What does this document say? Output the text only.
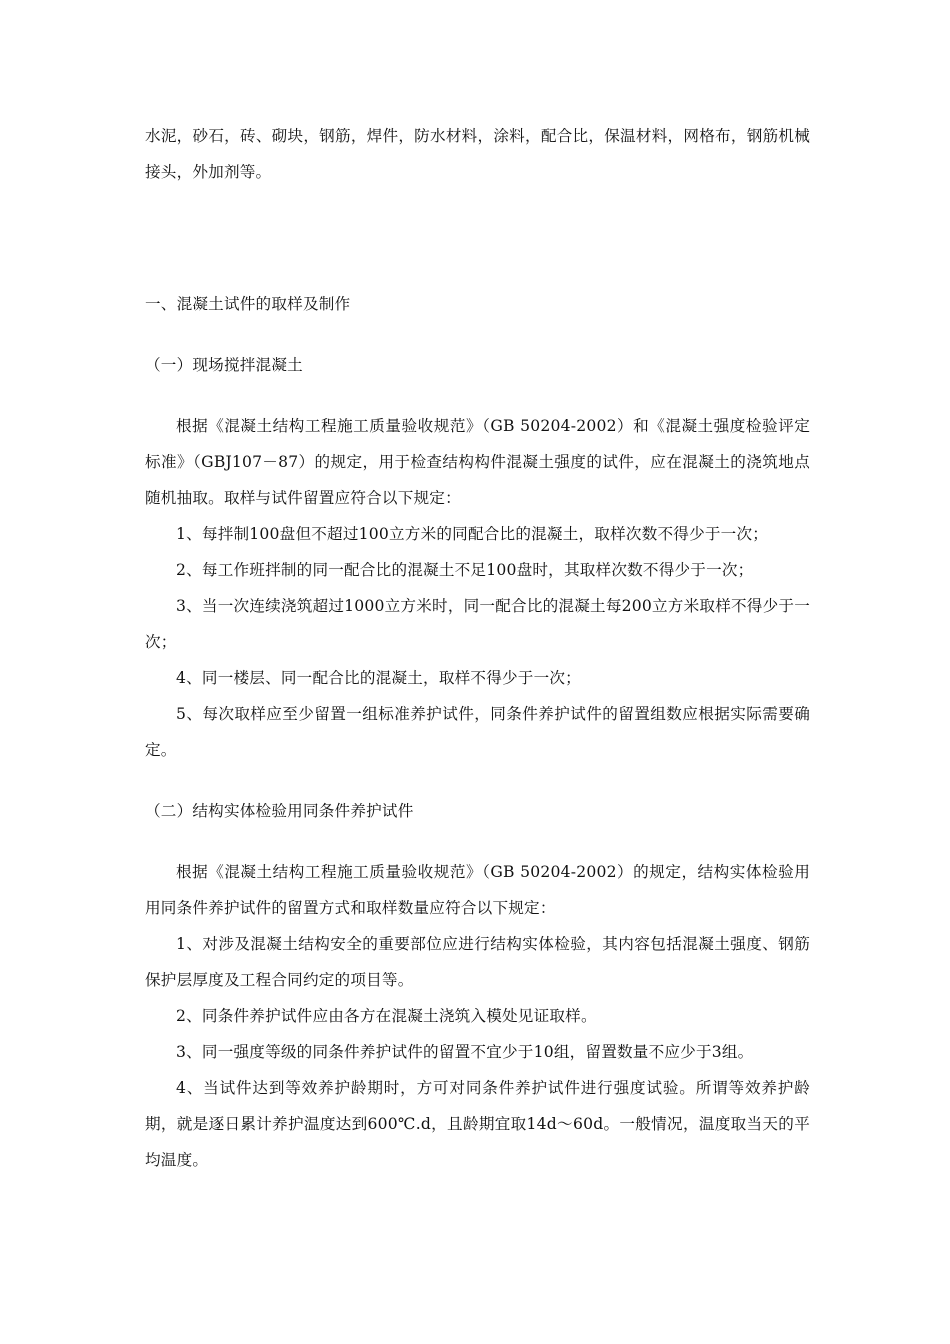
水泥，砂石，砖、砌块，钢筋，焊件，防水材料，涂料，配合比，保温材料，网格布，钢筋机械接头，外加剂等。

一、混凝土试件的取样及制作

（一）现场搅拌混凝土

根据《混凝土结构工程施工质量验收规范》（GB 50204-2002）和《混凝土强度检验评定标准》（GBJ107－87）的规定，用于检查结构构件混凝土强度的试件，应在混凝土的浇筑地点随机抽取。取样与试件留置应符合以下规定：

1、每拌制100盘但不超过100立方米的同配合比的混凝土，取样次数不得少于一次；

2、每工作班拌制的同一配合比的混凝土不足100盘时，其取样次数不得少于一次；

3、当一次连续浇筑超过1000立方米时，同一配合比的混凝土每200立方米取样不得少于一次；

4、同一楼层、同一配合比的混凝土，取样不得少于一次；

5、每次取样应至少留置一组标准养护试件，同条件养护试件的留置组数应根据实际需要确定。

（二）结构实体检验用同条件养护试件

根据《混凝土结构工程施工质量验收规范》（GB 50204-2002）的规定，结构实体检验用用同条件养护试件的留置方式和取样数量应符合以下规定：

1、对涉及混凝土结构安全的重要部位应进行结构实体检验，其内容包括混凝土强度、钢筋保护层厚度及工程合同约定的项目等。

2、同条件养护试件应由各方在混凝土浇筑入模处见证取样。

3、同一强度等级的同条件养护试件的留置不宜少于10组，留置数量不应少于3组。

4、当试件达到等效养护龄期时，方可对同条件养护试件进行强度试验。所谓等效养护龄期，就是逐日累计养护温度达到600℃.d，且龄期宜取14d～60d。一般情况，温度取当天的平均温度。
